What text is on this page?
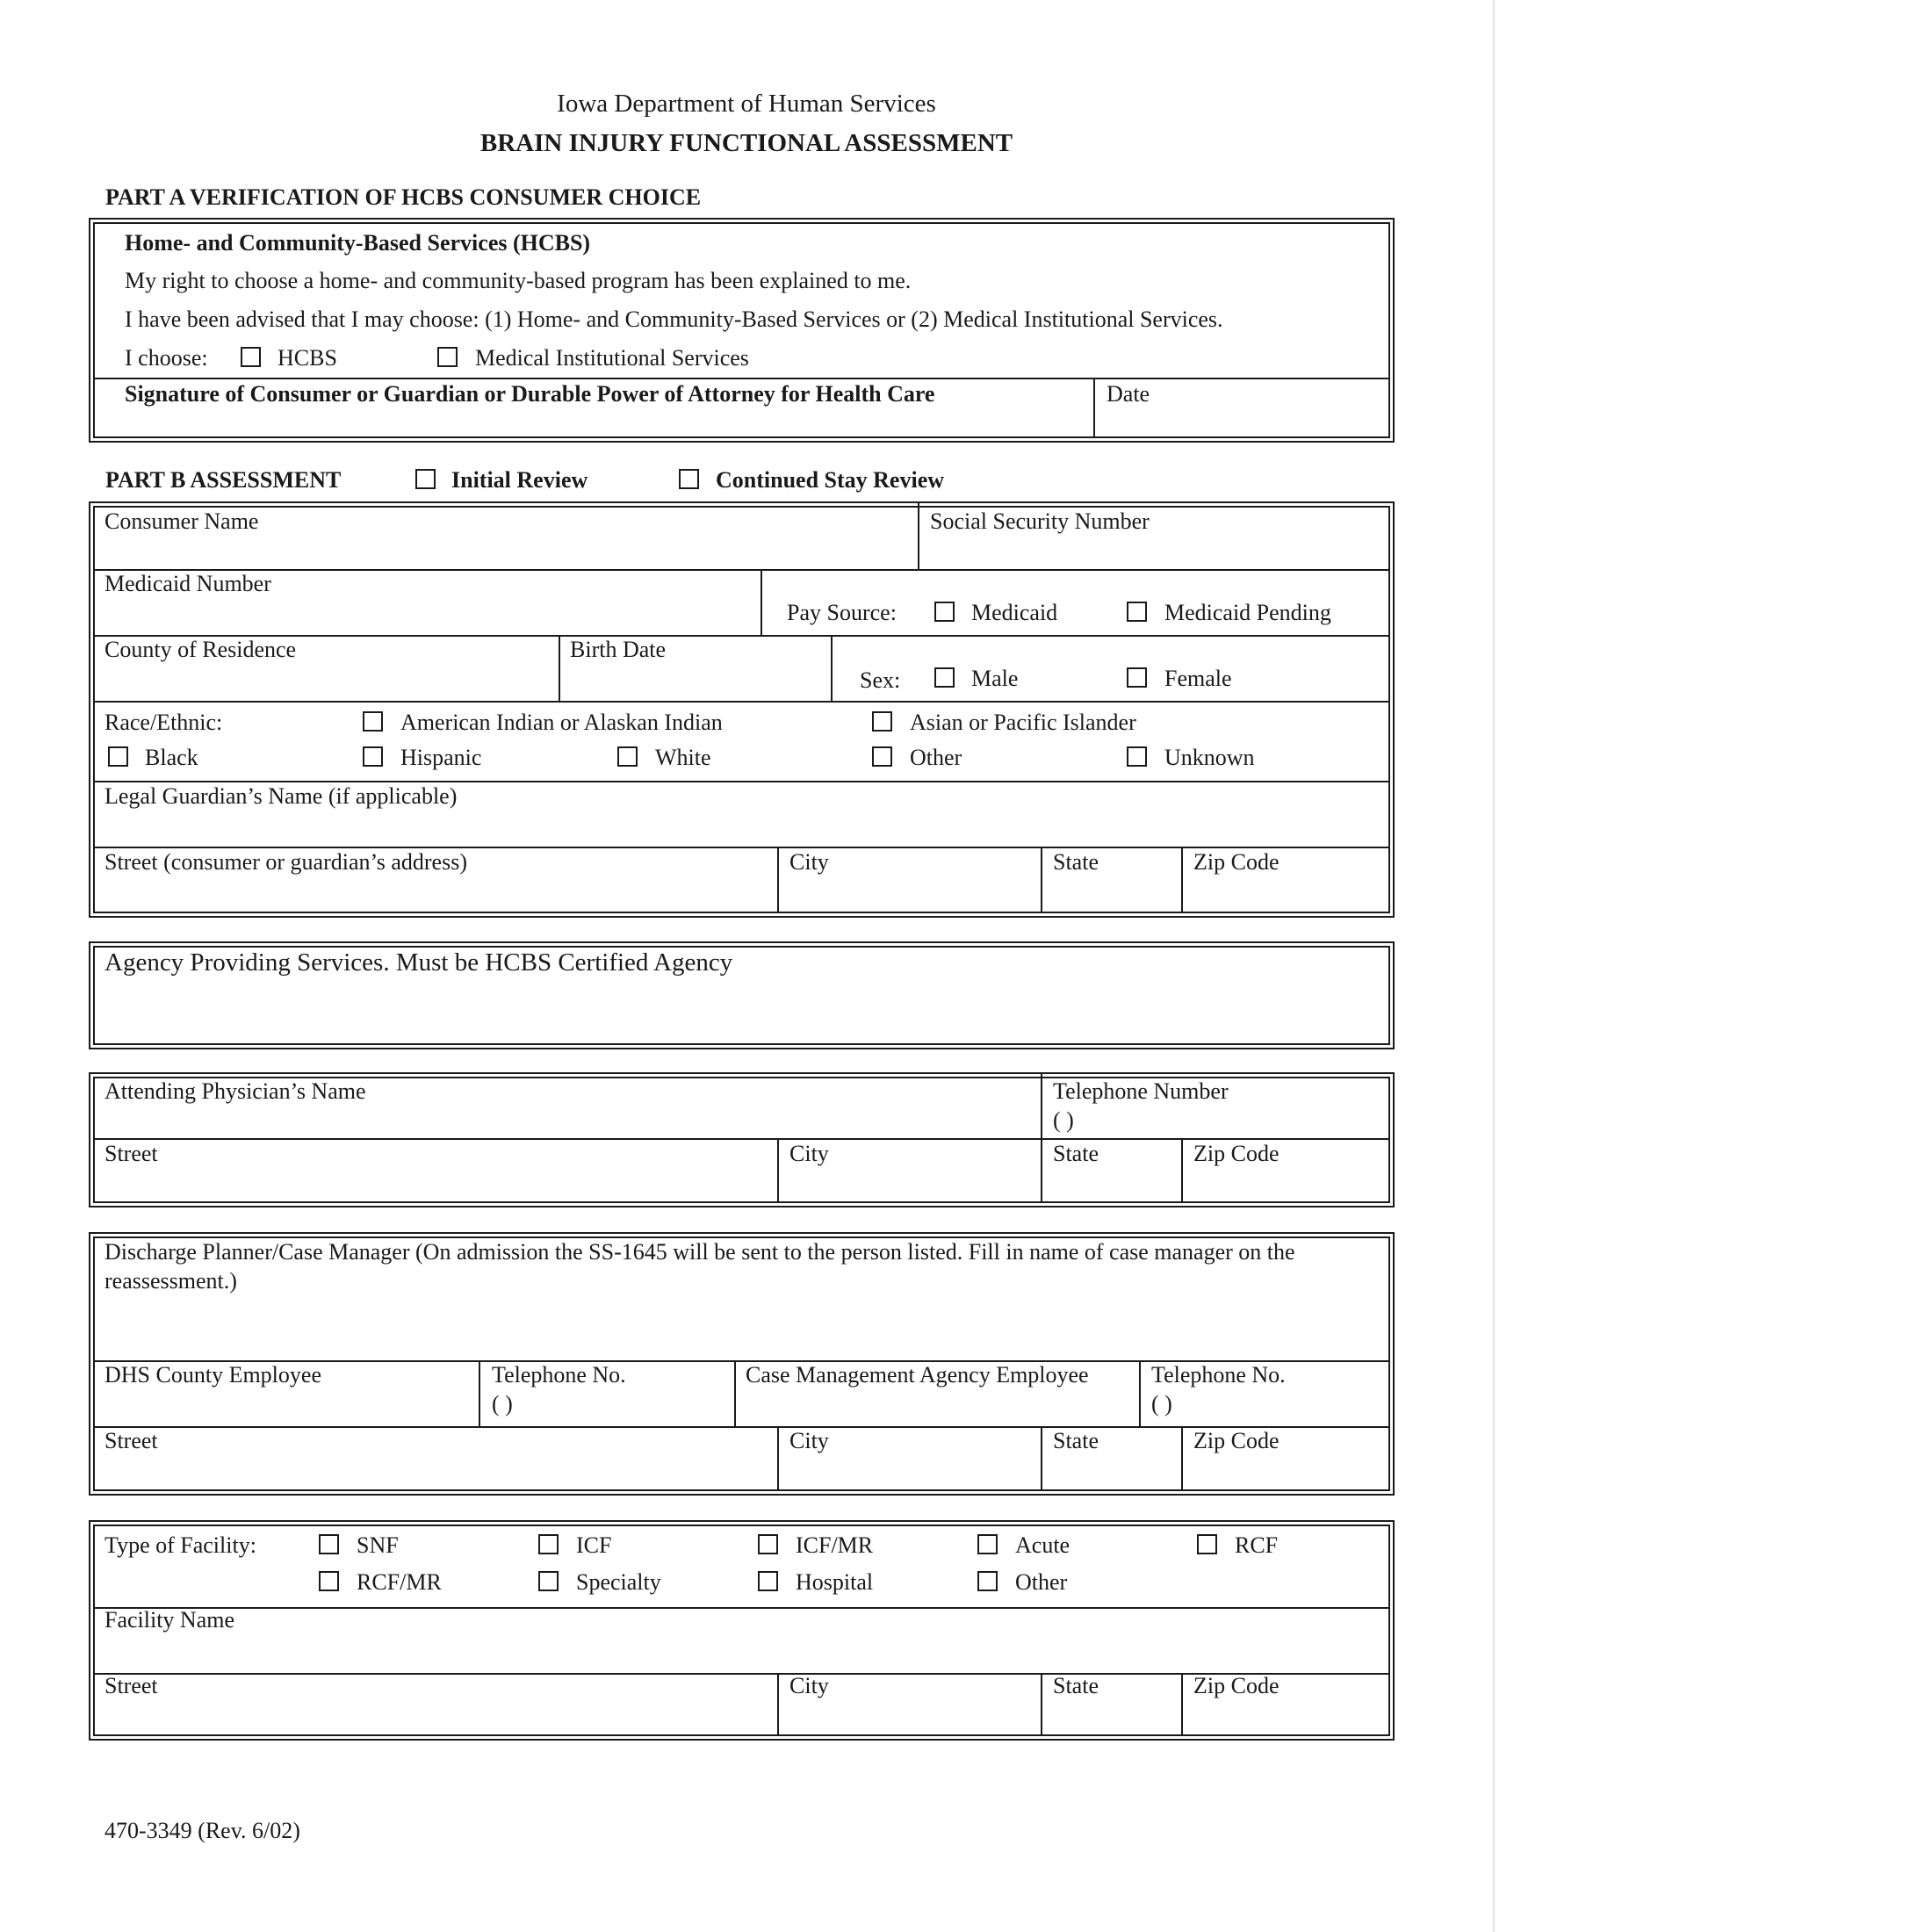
Iowa Department of Human Services
BRAIN INJURY FUNCTIONAL ASSESSMENT
PART A VERIFICATION OF HCBS CONSUMER CHOICE
Home- and Community-Based Services (HCBS)
My right to choose a home- and community-based program has been explained to me.
I have been advised that I may choose: (1) Home- and Community-Based Services or (2) Medical Institutional Services.
I choose:	HCBS	Medical Institutional Services
Signature of Consumer or Guardian or Durable Power of Attorney for Health Care	Date
PART B ASSESSMENT	Initial Review	Continued Stay Review
Consumer Name	Social Security Number
Medicaid Number
Pay Source:	Medicaid	Medicaid Pending
County of Residence	Birth Date
Sex:	Male	Female
Race/Ethnic:	American Indian or Alaskan Indian	Asian or Pacific Islander
Black	Hispanic	White	Other	Unknown
Legal Guardian’s Name (if applicable)
Street (consumer or guardian’s address)	City	State	Zip Code
Agency Providing Services. Must be HCBS Certified Agency
Attending Physician’s Name	Telephone Number
( )
Street	City	State	Zip Code
Discharge Planner/Case Manager (On admission the SS-1645 will be sent to the person listed. Fill in name of case manager on the
reassessment.)
DHS County Employee	Telephone No.
( )
Case Management Agency Employee	Telephone No.
( )
Street	City	State	Zip Code
Type of Facility:	SNF	ICF	ICF/MR	Acute	RCF
RCF/MR	Specialty	Hospital	Other
Facility Name
Street	City	State	Zip Code
470-3349 (Rev. 6/02)
